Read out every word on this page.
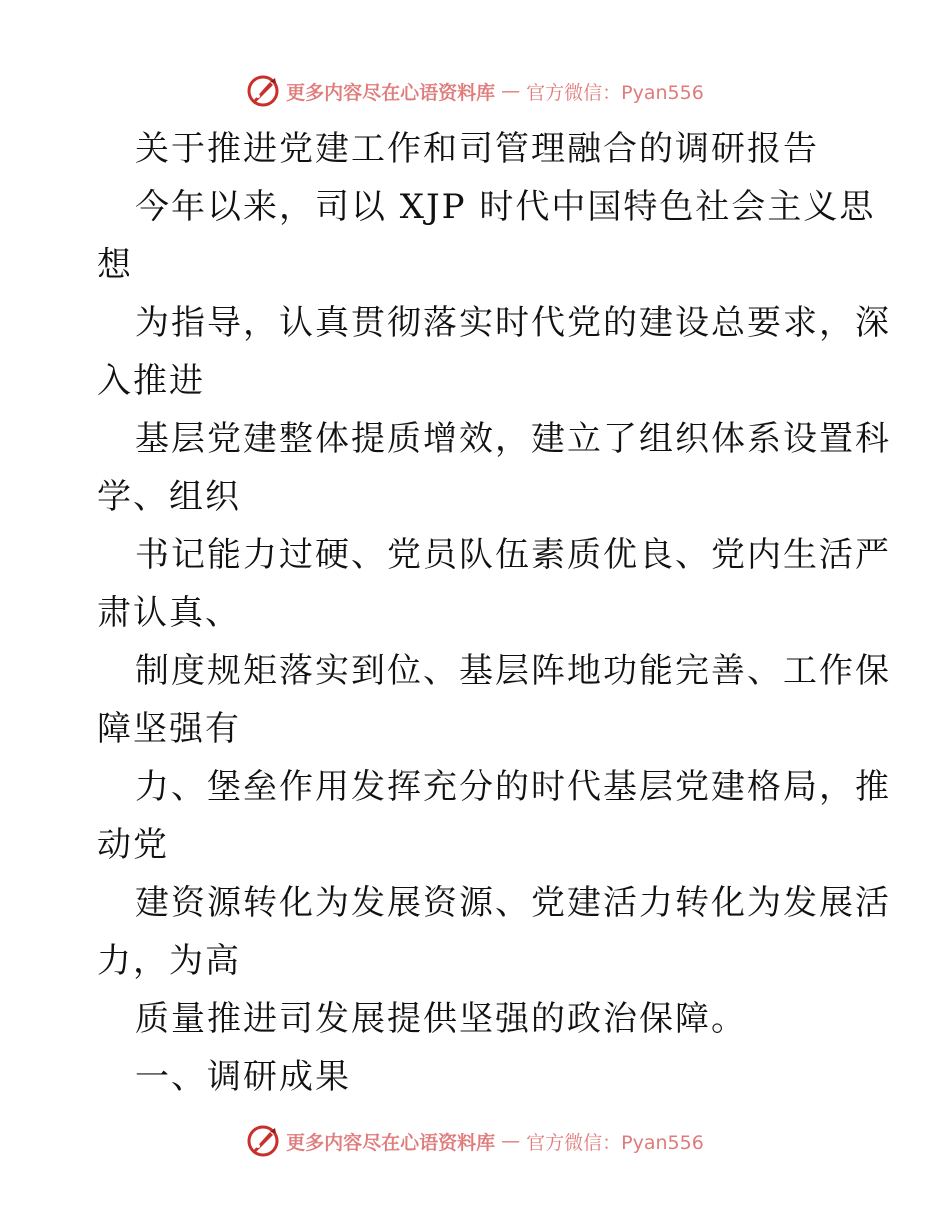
更多内容尽在心语资料库 — 官方微信：Pyan556
关于推进党建工作和司管理融合的调研报告
今年以来，司以 XJP 时代中国特色社会主义思
想
为指导，认真贯彻落实时代党的建设总要求，深
入推进
基层党建整体提质增效，建立了组织体系设置科
学、组织
书记能力过硬、党员队伍素质优良、党内生活严
肃认真、
制度规矩落实到位、基层阵地功能完善、工作保
障坚强有
力、堡垒作用发挥充分的时代基层党建格局，推
动党
建资源转化为发展资源、党建活力转化为发展活
力，为高
质量推进司发展提供坚强的政治保障。
一、调研成果
更多内容尽在心语资料库 — 官方微信：Pyan556
